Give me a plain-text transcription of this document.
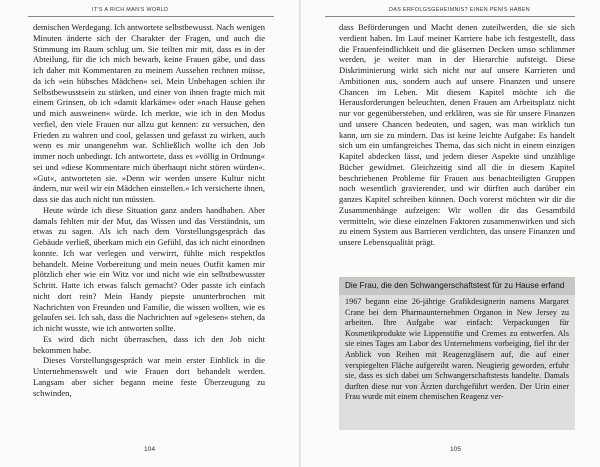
IT'S A RICH MAN'S WORLD

demischen Werdegang. Ich antwortete selbstbewusst. Nach wenigen Minuten änderte sich der Charakter der Fragen, und auch die Stimmung im Raum schlug um. Sie teilten mir mit, dass es in der Abteilung, für die ich mich bewarb, keine Frauen gäbe, und dass ich daher mit Kommentaren zu meinem Aussehen rechnen müsse, da ich »ein hübsches Mädchen« sei. Mein Unbehagen schien ihr Selbstbewusstsein zu stärken, und einer von ihnen fragte mich mit einem Grinsen, ob ich »damit klarkäme« oder »nach Hause gehen und mich ausweinen« würde. Ich merkte, wie ich in den Modus verfiel, den viele Frauen nur allzu gut kennen: zu versuchen, den Frieden zu wahren und cool, gelassen und gefasst zu wirken, auch wenn es mir unangenehm war. Schließlich wollte ich den Job immer noch unbedingt. Ich antwortete, dass es »völlig in Ordnung« sei und »diese Kommentare mich überhaupt nicht stören würden«. »Gut«, antworteten sie. »Denn wir werden unsere Kultur nicht ändern, nur weil wir ein Mädchen einstellen.« Ich versicherte ihnen, dass sie das auch nicht tun müssten.

Heute würde ich diese Situation ganz anders handhaben. Aber damals fehlten mir der Mut, das Wissen und das Verständnis, um etwas zu sagen. Als ich nach dem Vorstellungsgespräch das Gebäude verließ, überkam mich ein Gefühl, das ich nicht einordnen konnte. Ich war verlegen und verwirrt, fühlte mich respektlos behandelt. Meine Vorbereitung und mein neues Outfit kamen mir plötzlich eher wie ein Witz vor und nicht wie ein selbstbewusster Schritt. Hatte ich etwas falsch gemacht? Oder passte ich einfach nicht dort rein? Mein Handy piepste ununterbrochen mit Nachrichten von Freunden und Familie, die wissen wollten, wie es gelaufen sei. Ich sah, dass die Nachrichten auf »gelesen« stehen, da ich nicht wusste, wie ich antworten sollte.

Es wird dich nicht überraschen, dass ich den Job nicht bekommen habe.

Dieses Vorstellungsgespräch war mein erster Einblick in die Unternehmenswelt und wie Frauen dort behandelt werden. Langsam aber sicher begann meine feste Überzeugung zu schwinden,

104
DAS ERFOLGSGEHEIMNIS? EINEN PENIS HABEN

dass Beförderungen und Macht denen zuteilwerden, die sie sich verdient haben. Im Lauf meiner Karriere habe ich festgestellt, dass die Frauenfeindlichkeit und die gläsernen Decken umso schlimmer werden, je weiter man in der Hierarchie aufsteigt. Diese Diskriminierung wirkt sich nicht nur auf unsere Karrieren und Ambitionen aus, sondern auch auf unsere Finanzen und unsere Chancen im Leben. Mit diesem Kapitel möchte ich die Herausforderungen beleuchten, denen Frauen am Arbeitsplatz nicht nur vor gegenüberstehen, und erklären, was sie für unsere Finanzen und unsere Chancen bedeuten, und sagen, was man wirklich tun kann, um sie zu mindern. Das ist keine leichte Aufgabe: Es handelt sich um ein umfangreiches Thema, das sich nicht in einem einzigen Kapitel abdecken lässt, und jedem dieser Aspekte sind unzählige Bücher gewidmet. Gleichzeitig sind all die in diesem Kapitel beschriebenen Probleme für Frauen aus benachteiligten Gruppen noch wesentlich gravierender, und wir dürften auch darüber ein ganzes Kapitel schreiben können. Doch vorerst möchten wir dir die Zusammenhänge aufzeigen: Wir wollen dir das Gesamtbild vermitteln, wie diese einzelnen Faktoren zusammenwirken und sich zu einem System aus Barrieren verdichten, das unsere Finanzen und unsere Lebensqualität prägt.

Die Frau, die den Schwangerschaftstest für zu Hause erfand

1967 begann eine 26-jährige Grafikdesignerin namens Margaret Crane bei dem Pharmaunternehmen Organon in New Jersey zu arbeiten. Ihre Aufgabe war einfach: Verpackungen für Kosmetikprodukte wie Lippenstifte und Cremes zu entwerfen. Als sie eines Tages am Labor des Unternehmens vorbeiging, fiel ihr der Anblick von Reihen mit Reagenzgläsern auf, die auf einer verspiegelten Fläche aufgereiht waren. Neugierig geworden, erfuhr sie, dass es sich dabei um Schwangerschaftstests handelte. Damals durften diese nur von Ärzten durchgeführt werden. Der Urin einer Frau wurde mit einem chemischen Reagenz ver-

105
